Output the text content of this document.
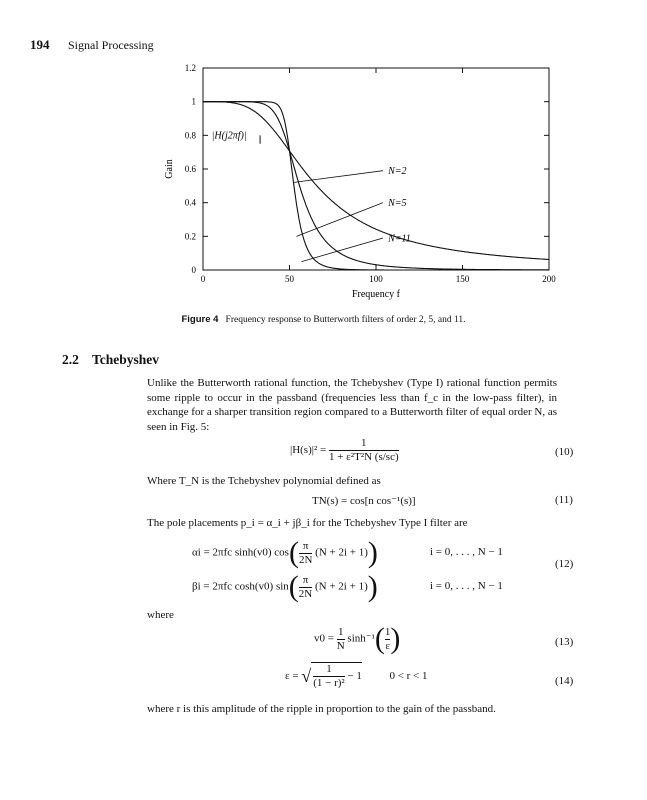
194 Signal Processing
0	50	100	150	200
0
0.2
0.4
0.6
0.8
1
1.2
Frequency f
Gain
|H(j2πf)|
N=2
N=5
N=11
Figure 4 Frequency response to Butterworth filters of order 2, 5, and 11.
2.2 Tchebyshev
Unlike the Butterworth rational function, the Tchebyshev (Type I) rational function permits some ripple to occur in the passband (frequencies less than f_c in the low-pass filter), in exchange for a sharper transition region compared to a Butterworth filter of equal order N, as seen in Fig. 5:
$|H(s)|^2 = \frac{1}{\text{1 + ε²T²N (s/sc)}}$	(10)
Where T_N is the Tchebyshev polynomial defined as
TN(s) = cos[n cos⁻¹(s)]	(11)
The pole placements p_i = α_i + jβ_i for the Tchebyshev Type I filter are
αi = 2πfc sinh(v0) $\cos( \frac{\pi}{2N} (N + 2i + 1))$	i = 0, . . . , N − 1
(12)
βi = 2πfc cosh(v0) $\sin( \frac{\pi}{2N} (N + 2i + 1))$	i = 0, . . . , N − 1
where
$v0 = \frac{1}{N} \sinh^{-1}( \frac{1}{\varepsilon}$ )	(13)
ε = √ $\frac{1}{\text{(1 − r)²}} - 1$	0 < r < 1	(14)
where r is this amplitude of the ripple in proportion to the gain of the passband.
